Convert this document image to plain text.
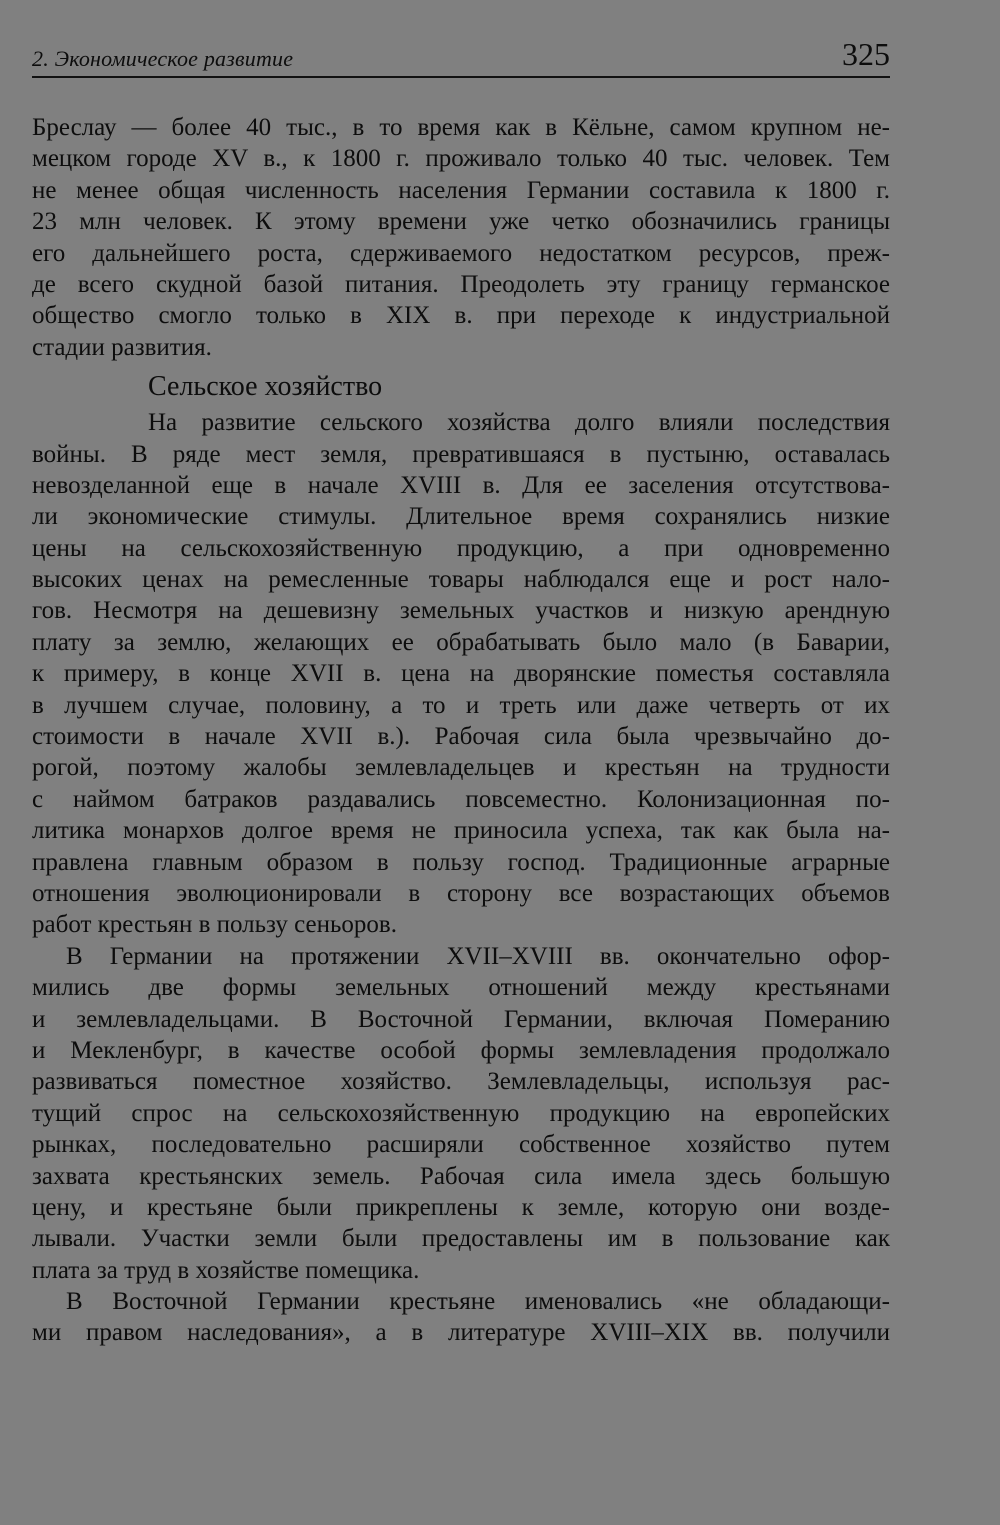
2. Экономическое развитие	325
Бреслау — более 40 тыс., в то время как в Кёльне, самом крупном не-
мецком городе XV в., к 1800 г. проживало только 40 тыс. человек. Тем
не менее общая численность населения Германии составила к 1800 г.
23 млн человек. К этому времени уже четко обозначились границы
его дальнейшего роста, сдерживаемого недостатком ресурсов, преж-
де всего скудной базой питания. Преодолеть эту границу германское
общество смогло только в XIX в. при переходе к индустриальной
стадии развития.
Сельское хозяйство
На развитие сельского хозяйства долго влияли последствия
войны. В ряде мест земля, превратившаяся в пустыню, оставалась
невозделанной еще в начале XVIII в. Для ее заселения отсутствова-
ли экономические стимулы. Длительное время сохранялись низкие
цены на сельскохозяйственную продукцию, а при одновременно
высоких ценах на ремесленные товары наблюдался еще и рост нало-
гов. Несмотря на дешевизну земельных участков и низкую арендную
плату за землю, желающих ее обрабатывать было мало (в Баварии,
к примеру, в конце XVII в. цена на дворянские поместья составляла
в лучшем случае, половину, а то и треть или даже четверть от их
стоимости в начале XVII в.). Рабочая сила была чрезвычайно до-
рогой, поэтому жалобы землевладельцев и крестьян на трудности
с наймом батраков раздавались повсеместно. Колонизационная по-
литика монархов долгое время не приносила успеха, так как была на-
правлена главным образом в пользу господ. Традиционные аграрные
отношения эволюционировали в сторону все возрастающих объемов
работ крестьян в пользу сеньоров.
В Германии на протяжении XVII–XVIII вв. окончательно офор-
мились две формы земельных отношений между крестьянами
и землевладельцами. В Восточной Германии, включая Померанию
и Мекленбург, в качестве особой формы землевладения продолжало
развиваться поместное хозяйство. Землевладельцы, используя рас-
тущий спрос на сельскохозяйственную продукцию на европейских
рынках, последовательно расширяли собственное хозяйство путем
захвата крестьянских земель. Рабочая сила имела здесь большую
цену, и крестьяне были прикреплены к земле, которую они возде-
лывали. Участки земли были предоставлены им в пользование как
плата за труд в хозяйстве помещика.
В Восточной Германии крестьяне именовались «не обладающи-
ми правом наследования», а в литературе XVIII–XIX вв. получили
